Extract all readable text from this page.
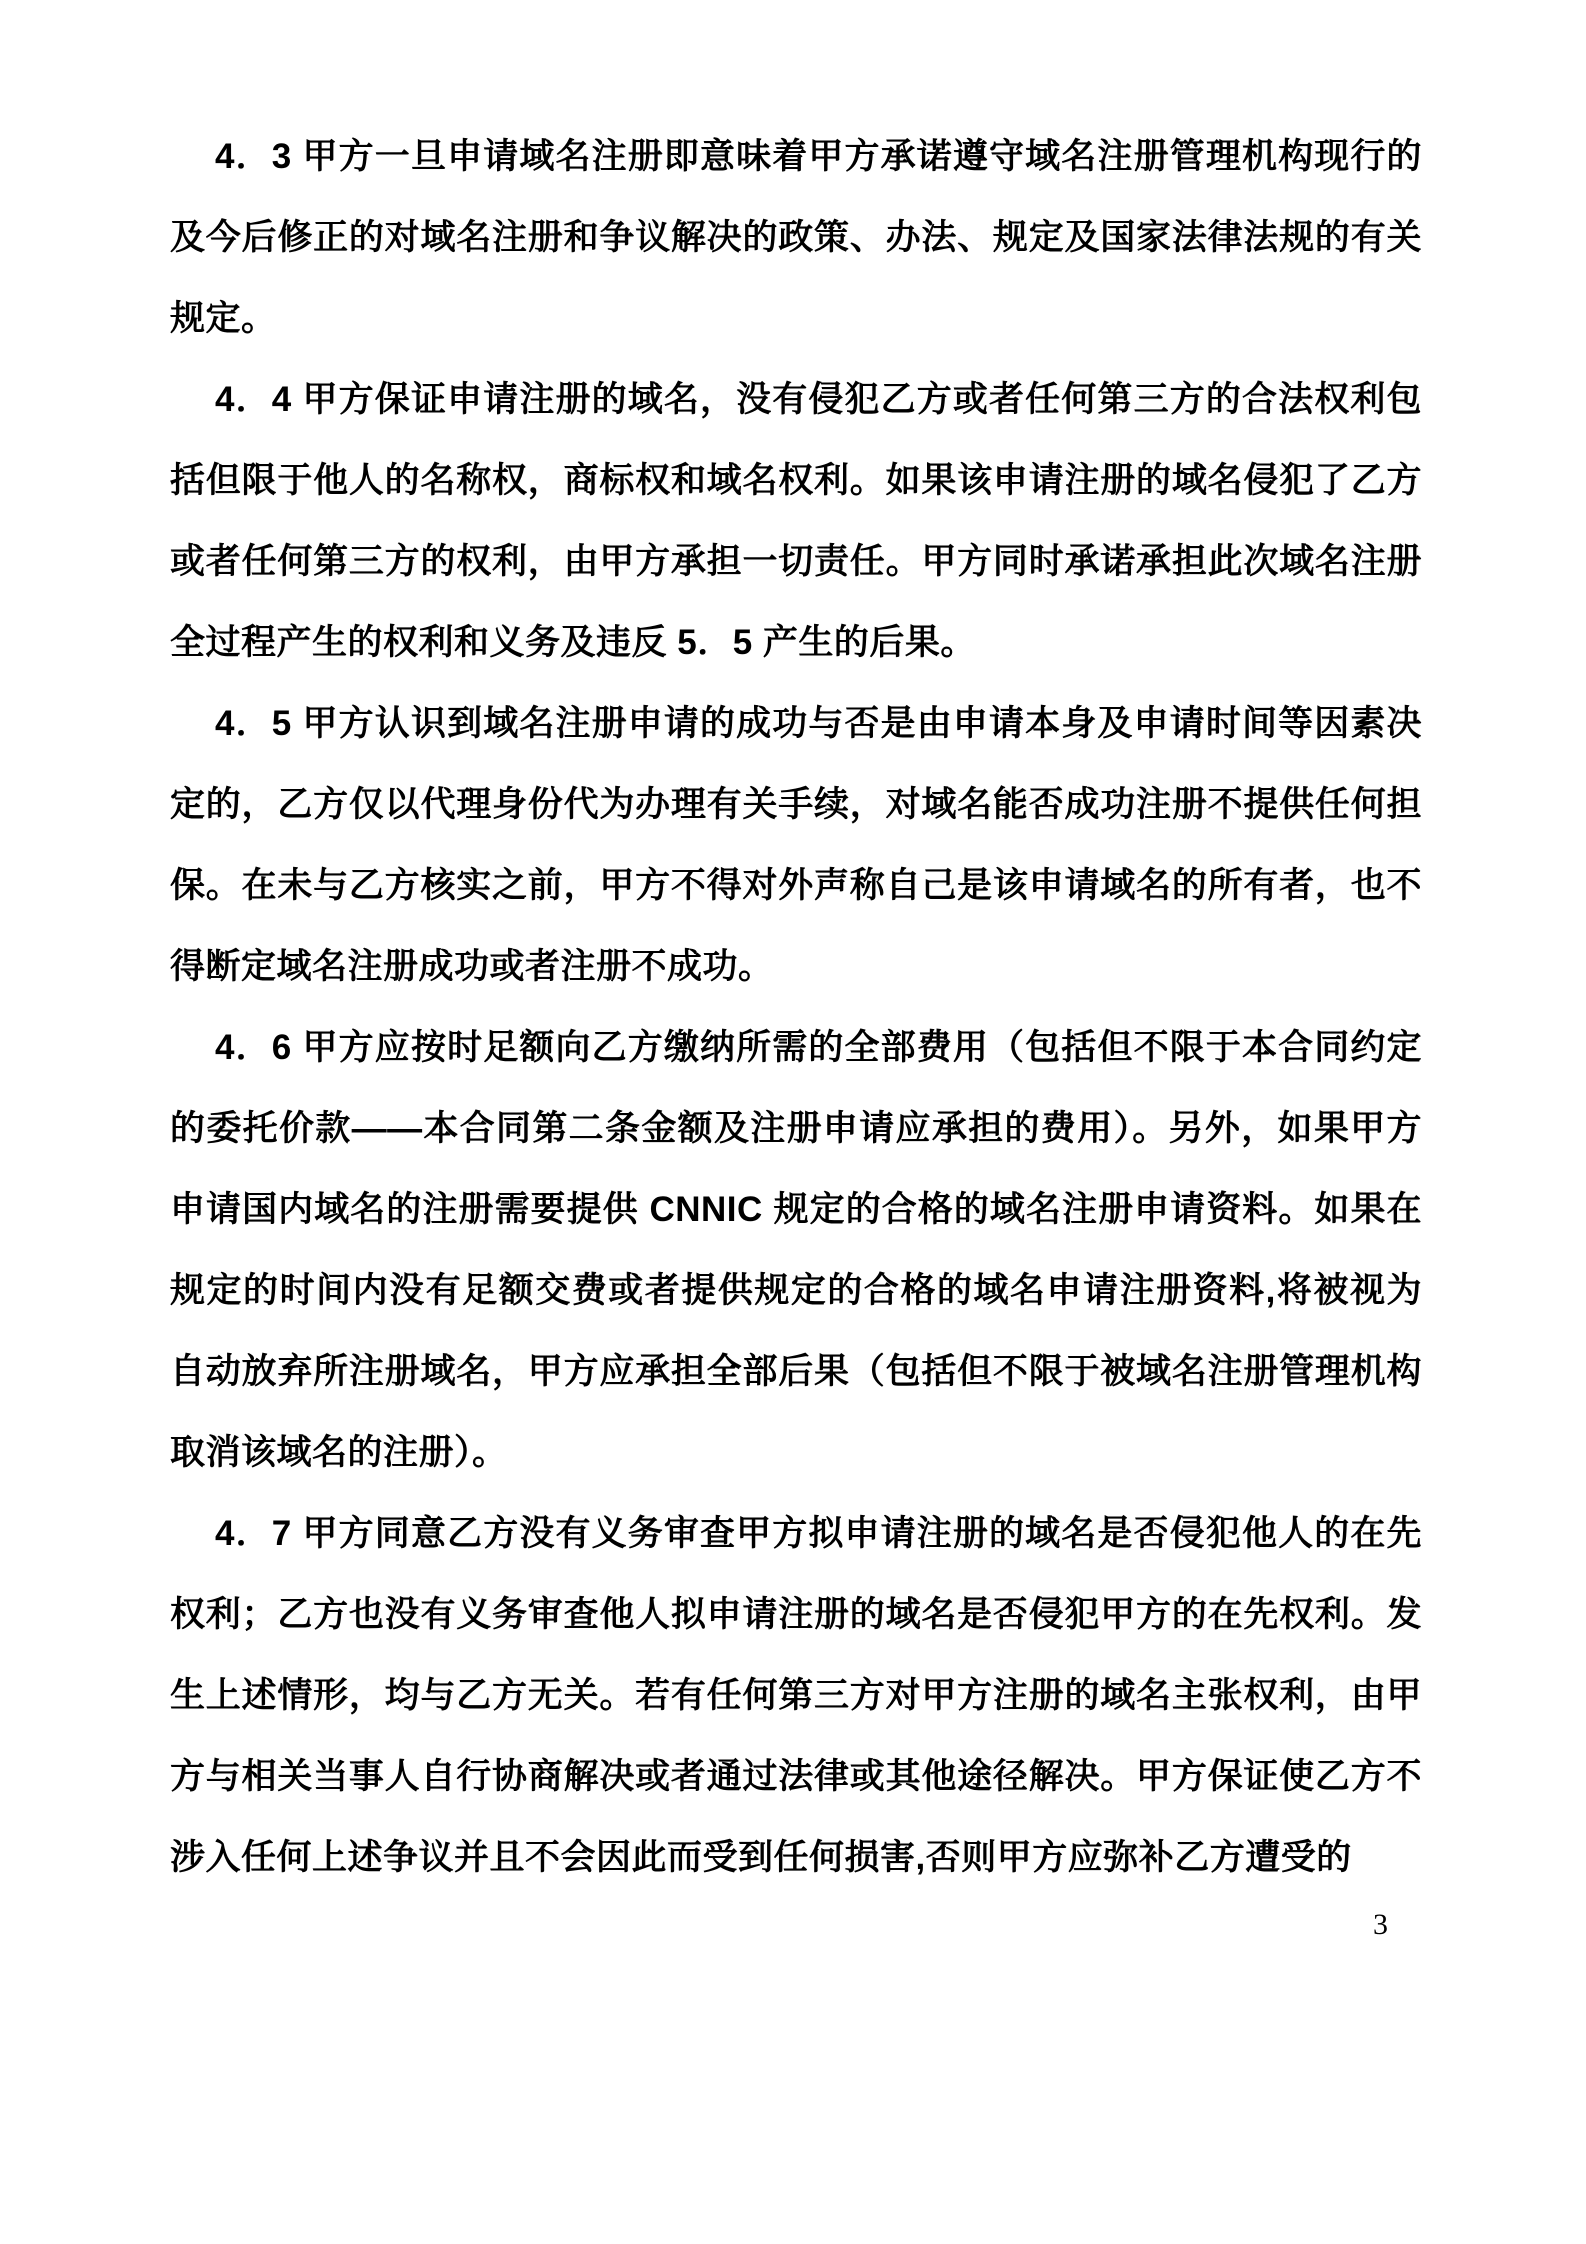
4．3 甲方一旦申请域名注册即意味着甲方承诺遵守域名注册管理机构现行的及今后修正的对域名注册和争议解决的政策、办法、规定及国家法律法规的有关规定。

4．4 甲方保证申请注册的域名，没有侵犯乙方或者任何第三方的合法权利包括但限于他人的名称权，商标权和域名权利。如果该申请注册的域名侵犯了乙方或者任何第三方的权利，由甲方承担一切责任。甲方同时承诺承担此次域名注册全过程产生的权利和义务及违反 5．5 产生的后果。

4．5 甲方认识到域名注册申请的成功与否是由申请本身及申请时间等因素决定的，乙方仅以代理身份代为办理有关手续，对域名能否成功注册不提供任何担保。在未与乙方核实之前，甲方不得对外声称自己是该申请域名的所有者，也不得断定域名注册成功或者注册不成功。

4．6 甲方应按时足额向乙方缴纳所需的全部费用（包括但不限于本合同约定的委托价款——本合同第二条金额及注册申请应承担的费用）。另外，如果甲方申请国内域名的注册需要提供 CNNIC 规定的合格的域名注册申请资料。如果在规定的时间内没有足额交费或者提供规定的合格的域名申请注册资料,将被视为自动放弃所注册域名，甲方应承担全部后果（包括但不限于被域名注册管理机构取消该域名的注册）。

4．7 甲方同意乙方没有义务审查甲方拟申请注册的域名是否侵犯他人的在先权利；乙方也没有义务审查他人拟申请注册的域名是否侵犯甲方的在先权利。发生上述情形，均与乙方无关。若有任何第三方对甲方注册的域名主张权利，由甲方与相关当事人自行协商解决或者通过法律或其他途径解决。甲方保证使乙方不涉入任何上述争议并且不会因此而受到任何损害,否则甲方应弥补乙方遭受的

3
